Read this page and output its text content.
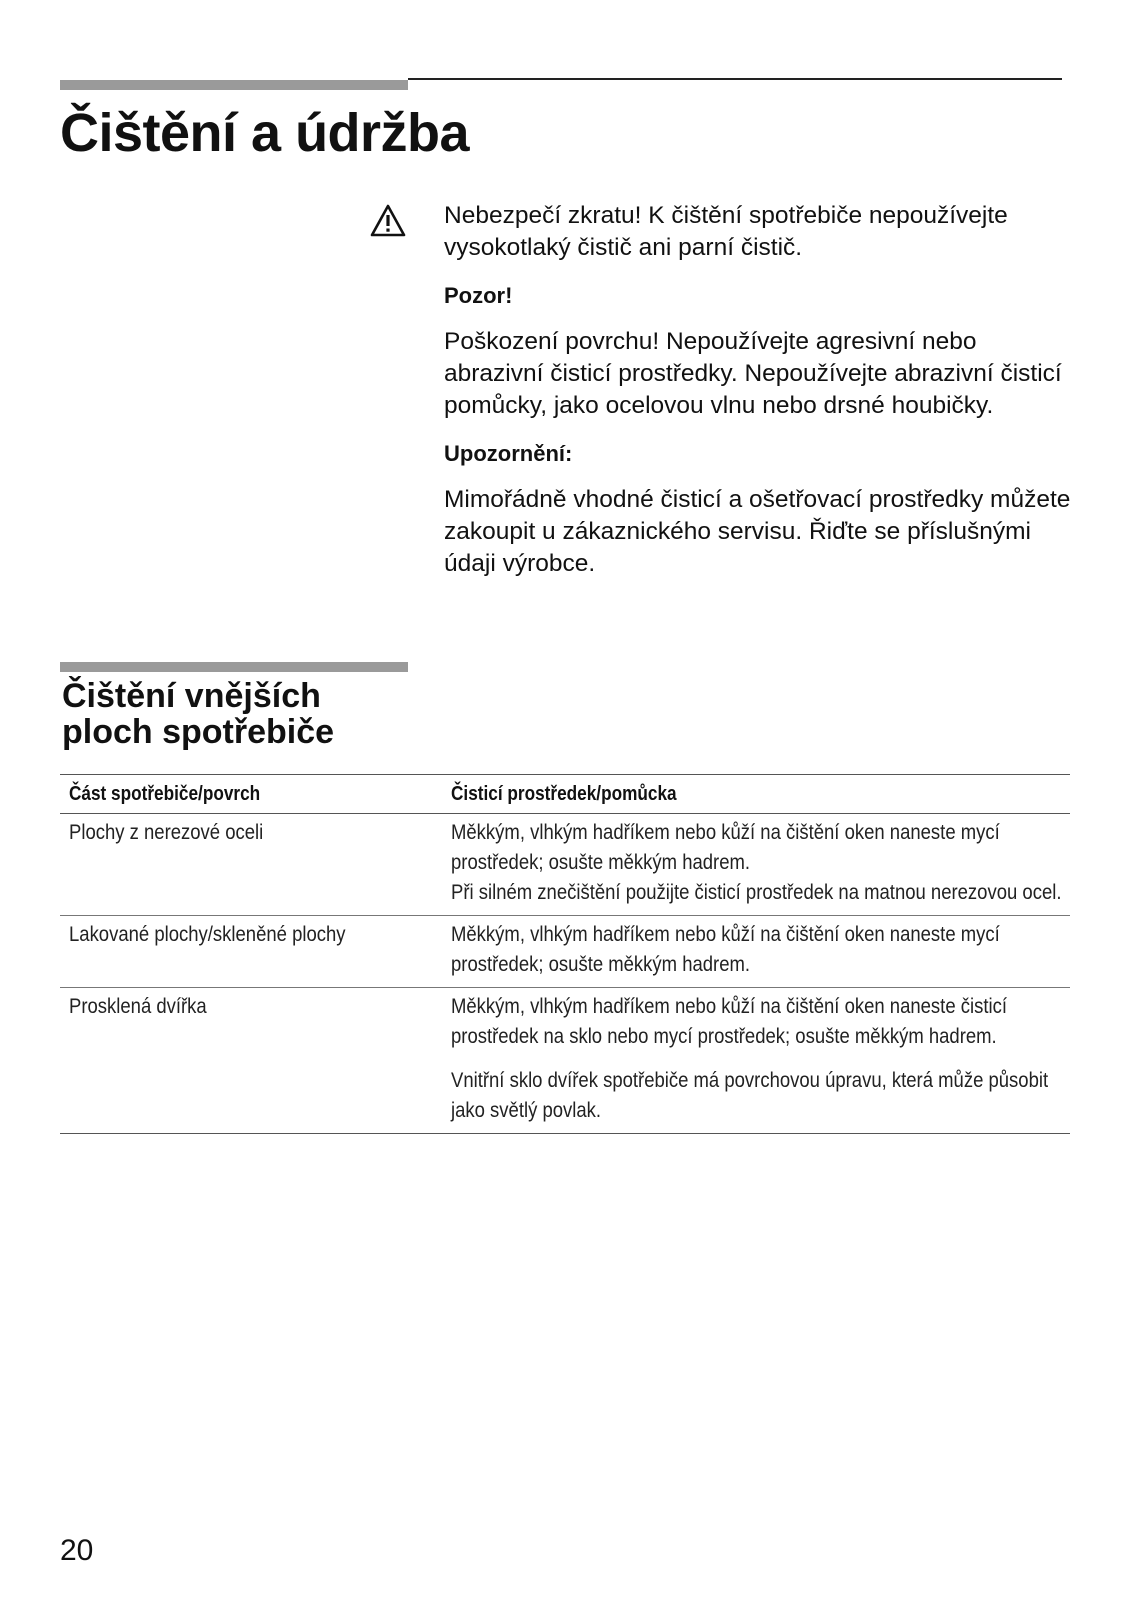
Čištění a údržba

Nebezpečí zkratu! K čištění spotřebiče nepoužívejte vysokotlaký čistič ani parní čistič.

Pozor!

Poškození povrchu! Nepoužívejte agresivní nebo abrazivní čisticí prostředky. Nepoužívejte abrazivní čisticí pomůcky, jako ocelovou vlnu nebo drsné houbičky.

Upozornění:

Mimořádně vhodné čisticí a ošetřovací prostředky můžete zakoupit u zákaznického servisu. Řiďte se příslušnými údaji výrobce.

Čištění vnějších
ploch spotřebiče
Část spotřebiče/povrch	Čisticí prostředek/pomůcka

Plochy z nerezové oceli	Měkkým, vlhkým hadříkem nebo kůží na čištění oken naneste mycí prostředek; osušte měkkým hadrem.
Při silném znečištění použijte čisticí prostředek na matnou nerezovou ocel.

Lakované plochy/skleněné plochy	Měkkým, vlhkým hadříkem nebo kůží na čištění oken naneste mycí prostředek; osušte měkkým hadrem.

Prosklená dvířka	Měkkým, vlhkým hadříkem nebo kůží na čištění oken naneste čisticí prostředek na sklo nebo mycí prostředek; osušte měkkým hadrem.
Vnitřní sklo dvířek spotřebiče má povrchovou úpravu, která může působit jako světlý povlak.
20
